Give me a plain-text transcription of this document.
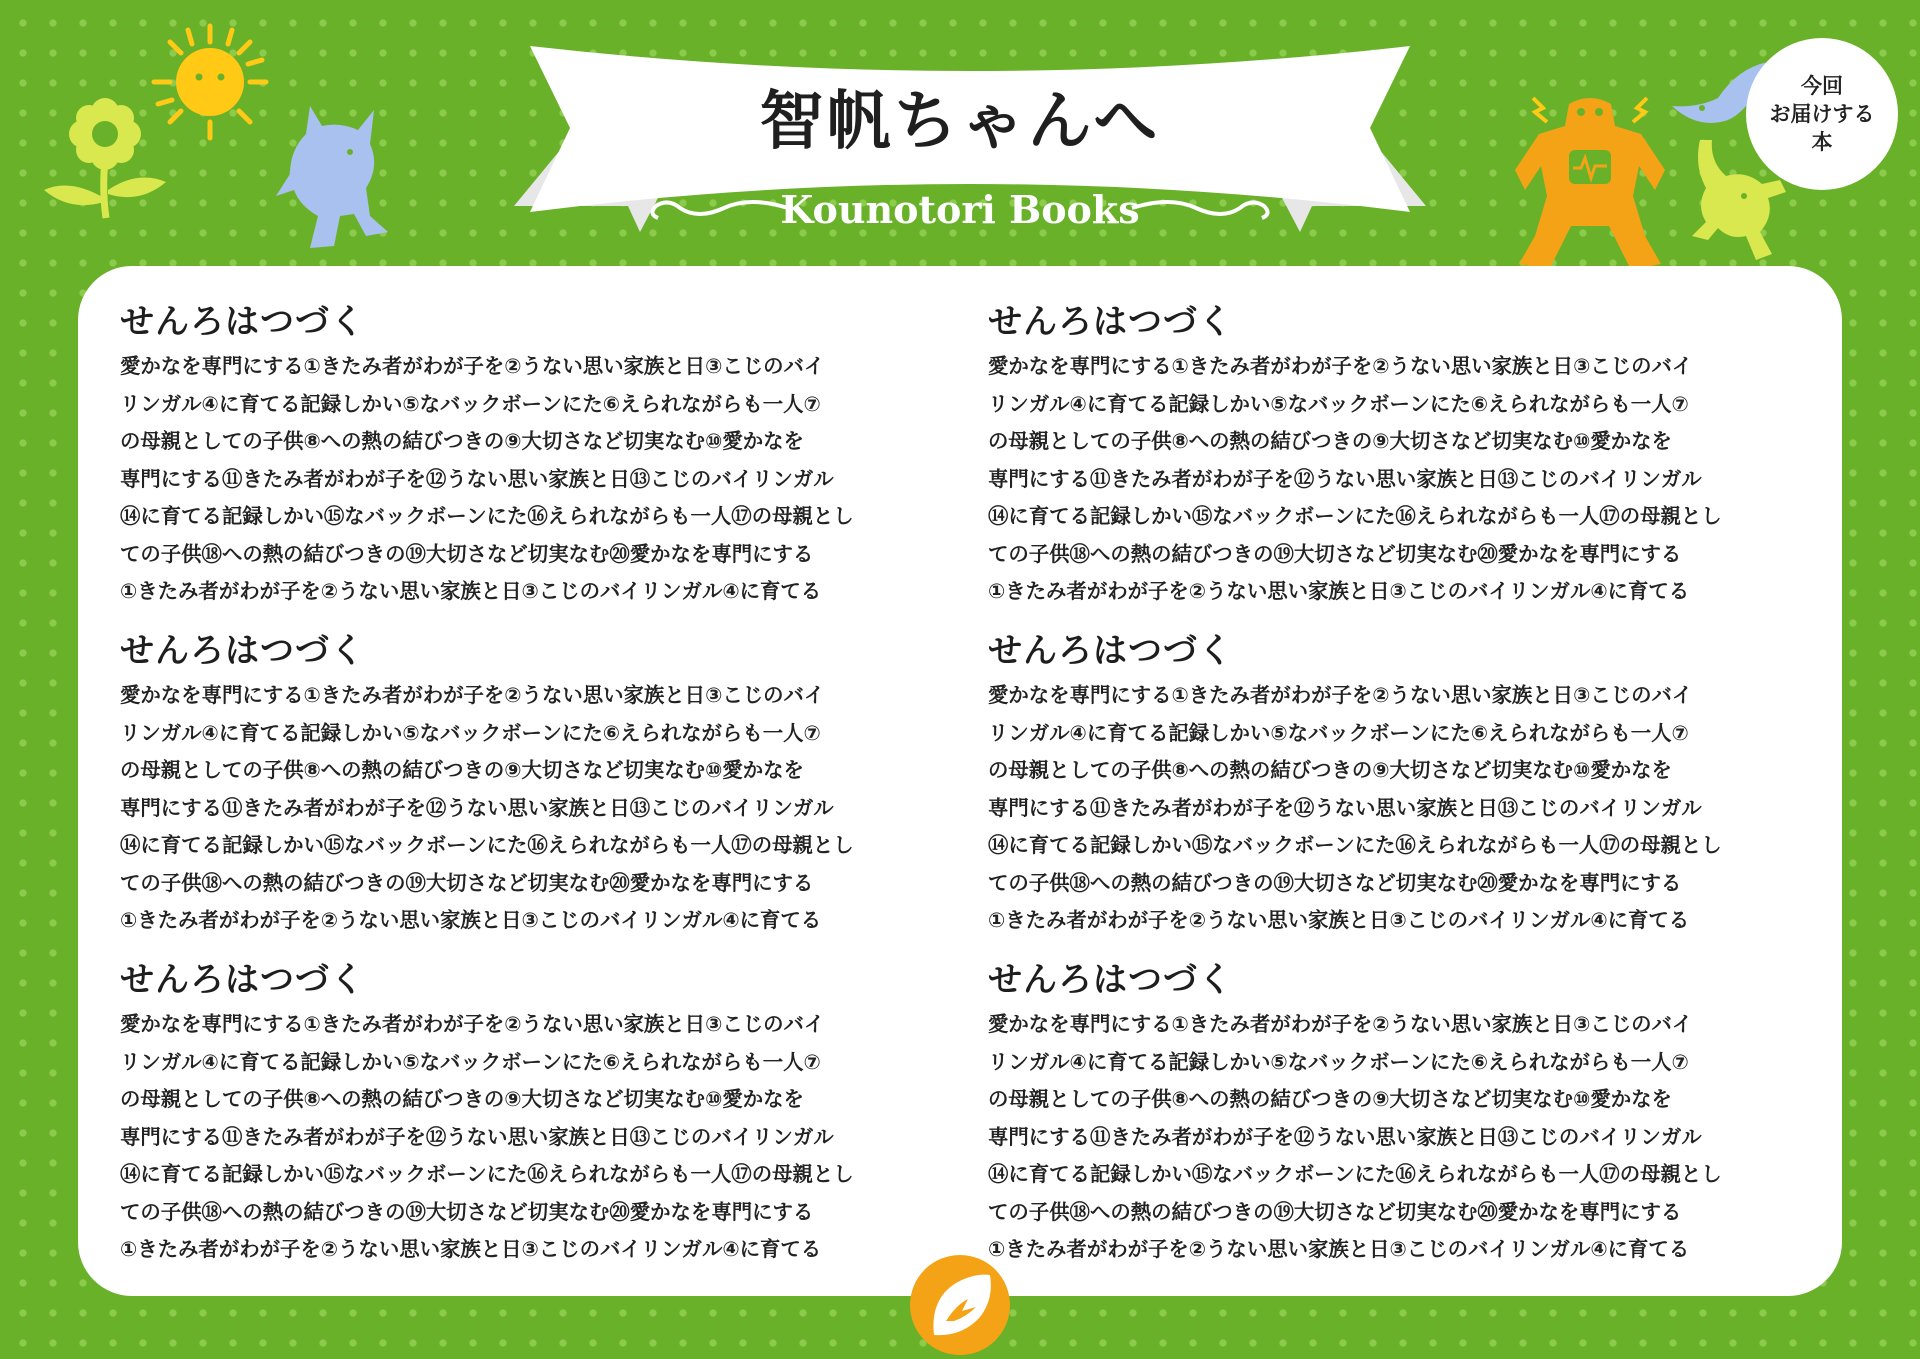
智帆ちゃんへ
Kounotori Books
今回
お届けする
本
せんろはつづく
愛かなを専門にする①きたみ者がわが子を②うない思い家族と日③こじのバイ
リンガル④に育てる記録しかい⑤なバックボーンにた⑥えられながらも一人⑦
の母親としての子供⑧への熱の結びつきの⑨大切さなど切実なむ⑩愛かなを
専門にする⑪きたみ者がわが子を⑫うない思い家族と日⑬こじのバイリンガル
⑭に育てる記録しかい⑮なバックボーンにた⑯えられながらも一人⑰の母親とし
ての子供⑱への熱の結びつきの⑲大切さなど切実なむ⑳愛かなを専門にする
①きたみ者がわが子を②うない思い家族と日③こじのバイリンガル④に育てる
せんろはつづく
愛かなを専門にする①きたみ者がわが子を②うない思い家族と日③こじのバイ
リンガル④に育てる記録しかい⑤なバックボーンにた⑥えられながらも一人⑦
の母親としての子供⑧への熱の結びつきの⑨大切さなど切実なむ⑩愛かなを
専門にする⑪きたみ者がわが子を⑫うない思い家族と日⑬こじのバイリンガル
⑭に育てる記録しかい⑮なバックボーンにた⑯えられながらも一人⑰の母親とし
ての子供⑱への熱の結びつきの⑲大切さなど切実なむ⑳愛かなを専門にする
①きたみ者がわが子を②うない思い家族と日③こじのバイリンガル④に育てる
せんろはつづく
愛かなを専門にする①きたみ者がわが子を②うない思い家族と日③こじのバイ
リンガル④に育てる記録しかい⑤なバックボーンにた⑥えられながらも一人⑦
の母親としての子供⑧への熱の結びつきの⑨大切さなど切実なむ⑩愛かなを
専門にする⑪きたみ者がわが子を⑫うない思い家族と日⑬こじのバイリンガル
⑭に育てる記録しかい⑮なバックボーンにた⑯えられながらも一人⑰の母親とし
ての子供⑱への熱の結びつきの⑲大切さなど切実なむ⑳愛かなを専門にする
①きたみ者がわが子を②うない思い家族と日③こじのバイリンガル④に育てる
せんろはつづく
愛かなを専門にする①きたみ者がわが子を②うない思い家族と日③こじのバイ
リンガル④に育てる記録しかい⑤なバックボーンにた⑥えられながらも一人⑦
の母親としての子供⑧への熱の結びつきの⑨大切さなど切実なむ⑩愛かなを
専門にする⑪きたみ者がわが子を⑫うない思い家族と日⑬こじのバイリンガル
⑭に育てる記録しかい⑮なバックボーンにた⑯えられながらも一人⑰の母親とし
ての子供⑱への熱の結びつきの⑲大切さなど切実なむ⑳愛かなを専門にする
①きたみ者がわが子を②うない思い家族と日③こじのバイリンガル④に育てる
せんろはつづく
愛かなを専門にする①きたみ者がわが子を②うない思い家族と日③こじのバイ
リンガル④に育てる記録しかい⑤なバックボーンにた⑥えられながらも一人⑦
の母親としての子供⑧への熱の結びつきの⑨大切さなど切実なむ⑩愛かなを
専門にする⑪きたみ者がわが子を⑫うない思い家族と日⑬こじのバイリンガル
⑭に育てる記録しかい⑮なバックボーンにた⑯えられながらも一人⑰の母親とし
ての子供⑱への熱の結びつきの⑲大切さなど切実なむ⑳愛かなを専門にする
①きたみ者がわが子を②うない思い家族と日③こじのバイリンガル④に育てる
せんろはつづく
愛かなを専門にする①きたみ者がわが子を②うない思い家族と日③こじのバイ
リンガル④に育てる記録しかい⑤なバックボーンにた⑥えられながらも一人⑦
の母親としての子供⑧への熱の結びつきの⑨大切さなど切実なむ⑩愛かなを
専門にする⑪きたみ者がわが子を⑫うない思い家族と日⑬こじのバイリンガル
⑭に育てる記録しかい⑮なバックボーンにた⑯えられながらも一人⑰の母親とし
ての子供⑱への熱の結びつきの⑲大切さなど切実なむ⑳愛かなを専門にする
①きたみ者がわが子を②うない思い家族と日③こじのバイリンガル④に育てる
